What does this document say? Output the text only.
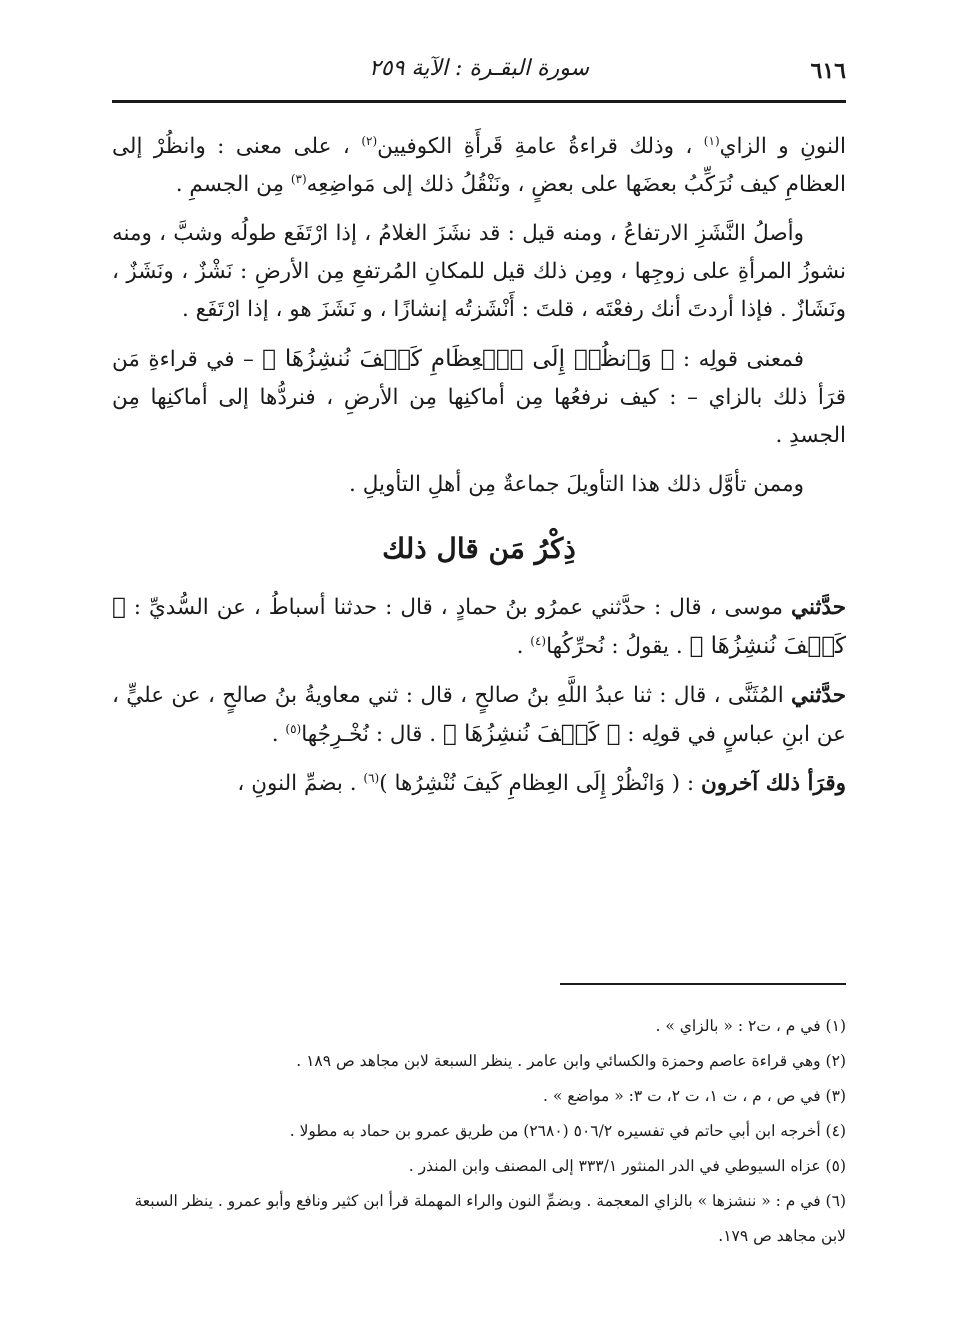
٦١٦
سورة البقـرة : الآية ٢٥٩

النونِ و الزاي$^{(١)}$ ، وذلك قراءةُ عامةِ قَرأَةِ الكوفيين$^{(٢)}$ ، على معنى : وانظُرْ إلى العظامِ كيف نُرَكِّبُ بعضَها على بعضٍ ، ونَنْقُلُ ذلك إلى مَواضِعِه$^{(٣)}$ مِن الجسمِ .

وأصلُ النَّشَزِ الارتفاعُ ، ومنه قيل : قد نشَزَ الغلامُ ، إذا ارْتَفَع طولُه وشبَّ ، ومنه نشوزُ المرأةِ على زوجِها ، ومِن ذلك قيل للمكانِ المُرتفعِ مِن الأرضِ : نَشْزٌ ، ونَشَزٌ ، ونَشَازٌ . فإذا أردتَ أنك رفعْتَه ، قلتَ : أَنْشَزتُه إنشازًا ، و نَشَزَ هو ، إذا ارْتَفَع .

فمعنى قولِه : ﴿ وَٱنظُرۡ إِلَى ٱلۡعِظَامِ كَيۡفَ نُنشِزُهَا ﴾ – في قراءةِ مَن قرَأ ذلك بالزاي – : كيف نرفعُها مِن أماكنِها مِن الأرضِ ، فنردُّها إلى أماكنِها مِن الجسدِ .

وممن تأوَّل ذلك هذا التأويلَ جماعةٌ مِن أهلِ التأويلِ .

ذِكْرُ مَن قال ذلك

حدَّثني موسى ، قال : حدَّثني عمرُو بنُ حمادٍ ، قال : حدثنا أسباطُ ، عن السُّديِّ : ﴿ كَيۡفَ نُنشِزُهَا ﴾ . يقولُ : نُحرِّكُها$^{(٤)}$ .

حدَّثني المُثَنَّى ، قال : ثنا عبدُ اللَّهِ بنُ صالحٍ ، قال : ثني معاويةُ بنُ صالحٍ ، عن عليٍّ ، عن ابنِ عباسٍ في قولِه : ﴿ كَيۡفَ نُنشِزُهَا ﴾ . قال : نُخْـرِجُها$^{(٥)}$ .

وقرَأ ذلك آخرون : ( وَانْظُرْ إِلَى العِظامِ كَيفَ نُنْشِرُها )$^{(٦)}$ . بضمِّ النونِ ،

(١) في م ، ت٢ : « بالزاي » .

(٢) وهي قراءة عاصم وحمزة والكسائي وابن عامر . ينظر السبعة لابن مجاهد ص ١٨٩ .

(٣) في ص ، م ، ت ١، ت ٢، ت ٣: « مواضع » .

(٤) أخرجه ابن أبي حاتم في تفسيره ٥٠٦/٢ (٢٦٨٠) من طريق عمرو بن حماد به مطولا .

(٥) عزاه السيوطي في الدر المنثور ٣٣٣/١ إلى المصنف وابن المنذر .

(٦) في م : « ننشزها » بالزاي المعجمة . وبضمِّ النون والراء المهملة قرأ ابن كثير ونافع وأبو عمرو . ينظر السبعة لابن مجاهد ص ١٧٩.
